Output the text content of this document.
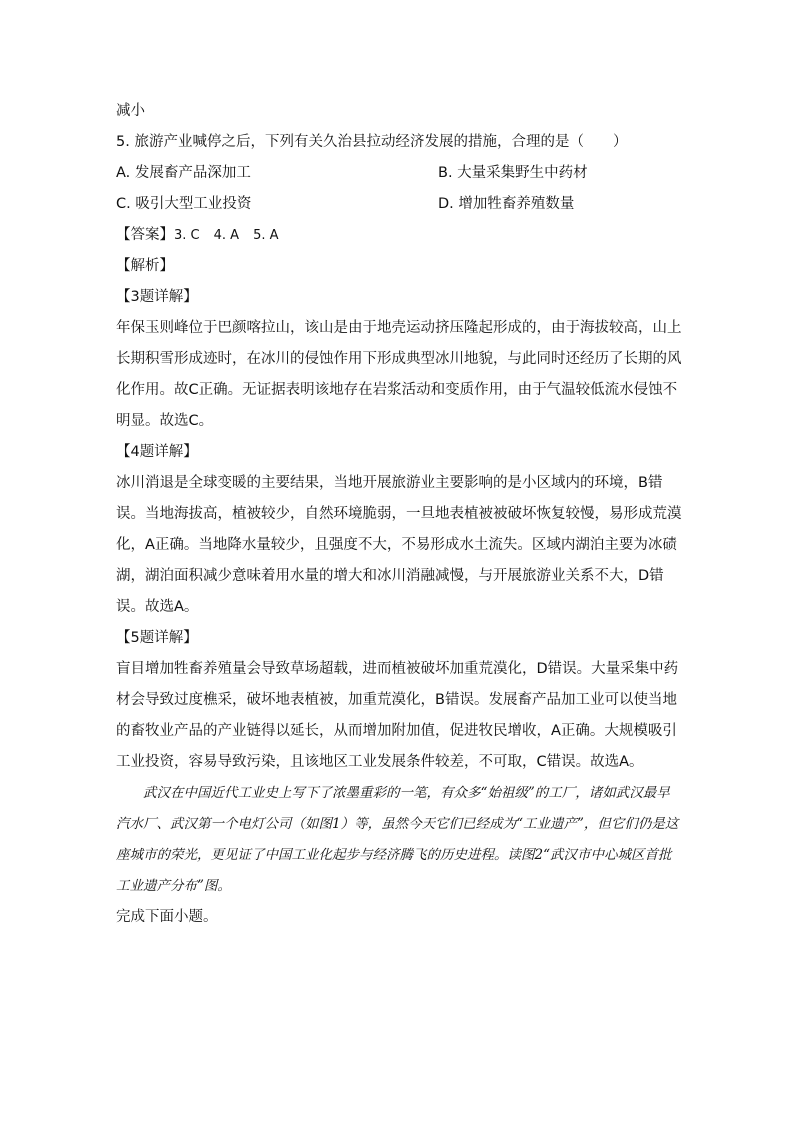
减小
5. 旅游产业喊停之后，下列有关久治县拉动经济发展的措施，合理的是（　　）
A. 发展畜产品深加工	B. 大量采集野生中药材
C. 吸引大型工业投资	D. 增加牲畜养殖数量
【答案】3. C 4. A 5. A
【解析】
【3题详解】
年保玉则峰位于巴颜喀拉山，该山是由于地壳运动挤压隆起形成的，由于海拔较高，山上长期积雪形成迹时，在冰川的侵蚀作用下形成典型冰川地貌，与此同时还经历了长期的风化作用。故C正确。无证据表明该地存在岩浆活动和变质作用，由于气温较低流水侵蚀不明显。故选C。
【4题详解】
冰川消退是全球变暖的主要结果，当地开展旅游业主要影响的是小区域内的环境，B错误。当地海拔高，植被较少，自然环境脆弱，一旦地表植被被破坏恢复较慢，易形成荒漠化，A正确。当地降水量较少，且强度不大，不易形成水土流失。区域内湖泊主要为冰碛湖，湖泊面积减少意味着用水量的增大和冰川消融减慢，与开展旅游业关系不大，D错误。故选A。
【5题详解】
盲目增加牲畜养殖量会导致草场超载，进而植被破坏加重荒漠化，D错误。大量采集中药材会导致过度樵采，破坏地表植被，加重荒漠化，B错误。发展畜产品加工业可以使当地的畜牧业产品的产业链得以延长，从而增加附加值，促进牧民增收，A正确。大规模吸引工业投资，容易导致污染，且该地区工业发展条件较差，不可取，C错误。故选A。
武汉在中国近代工业史上写下了浓墨重彩的一笔，有众多“始祖级”的工厂，诸如武汉最早汽水厂、武汉第一个电灯公司（如图1）等，虽然今天它们已经成为“工业遗产”，但它们仍是这座城市的荣光，更见证了中国工业化起步与经济腾飞的历史进程。读图2“武汉市中心城区首批工业遗产分布”图。
完成下面小题。
